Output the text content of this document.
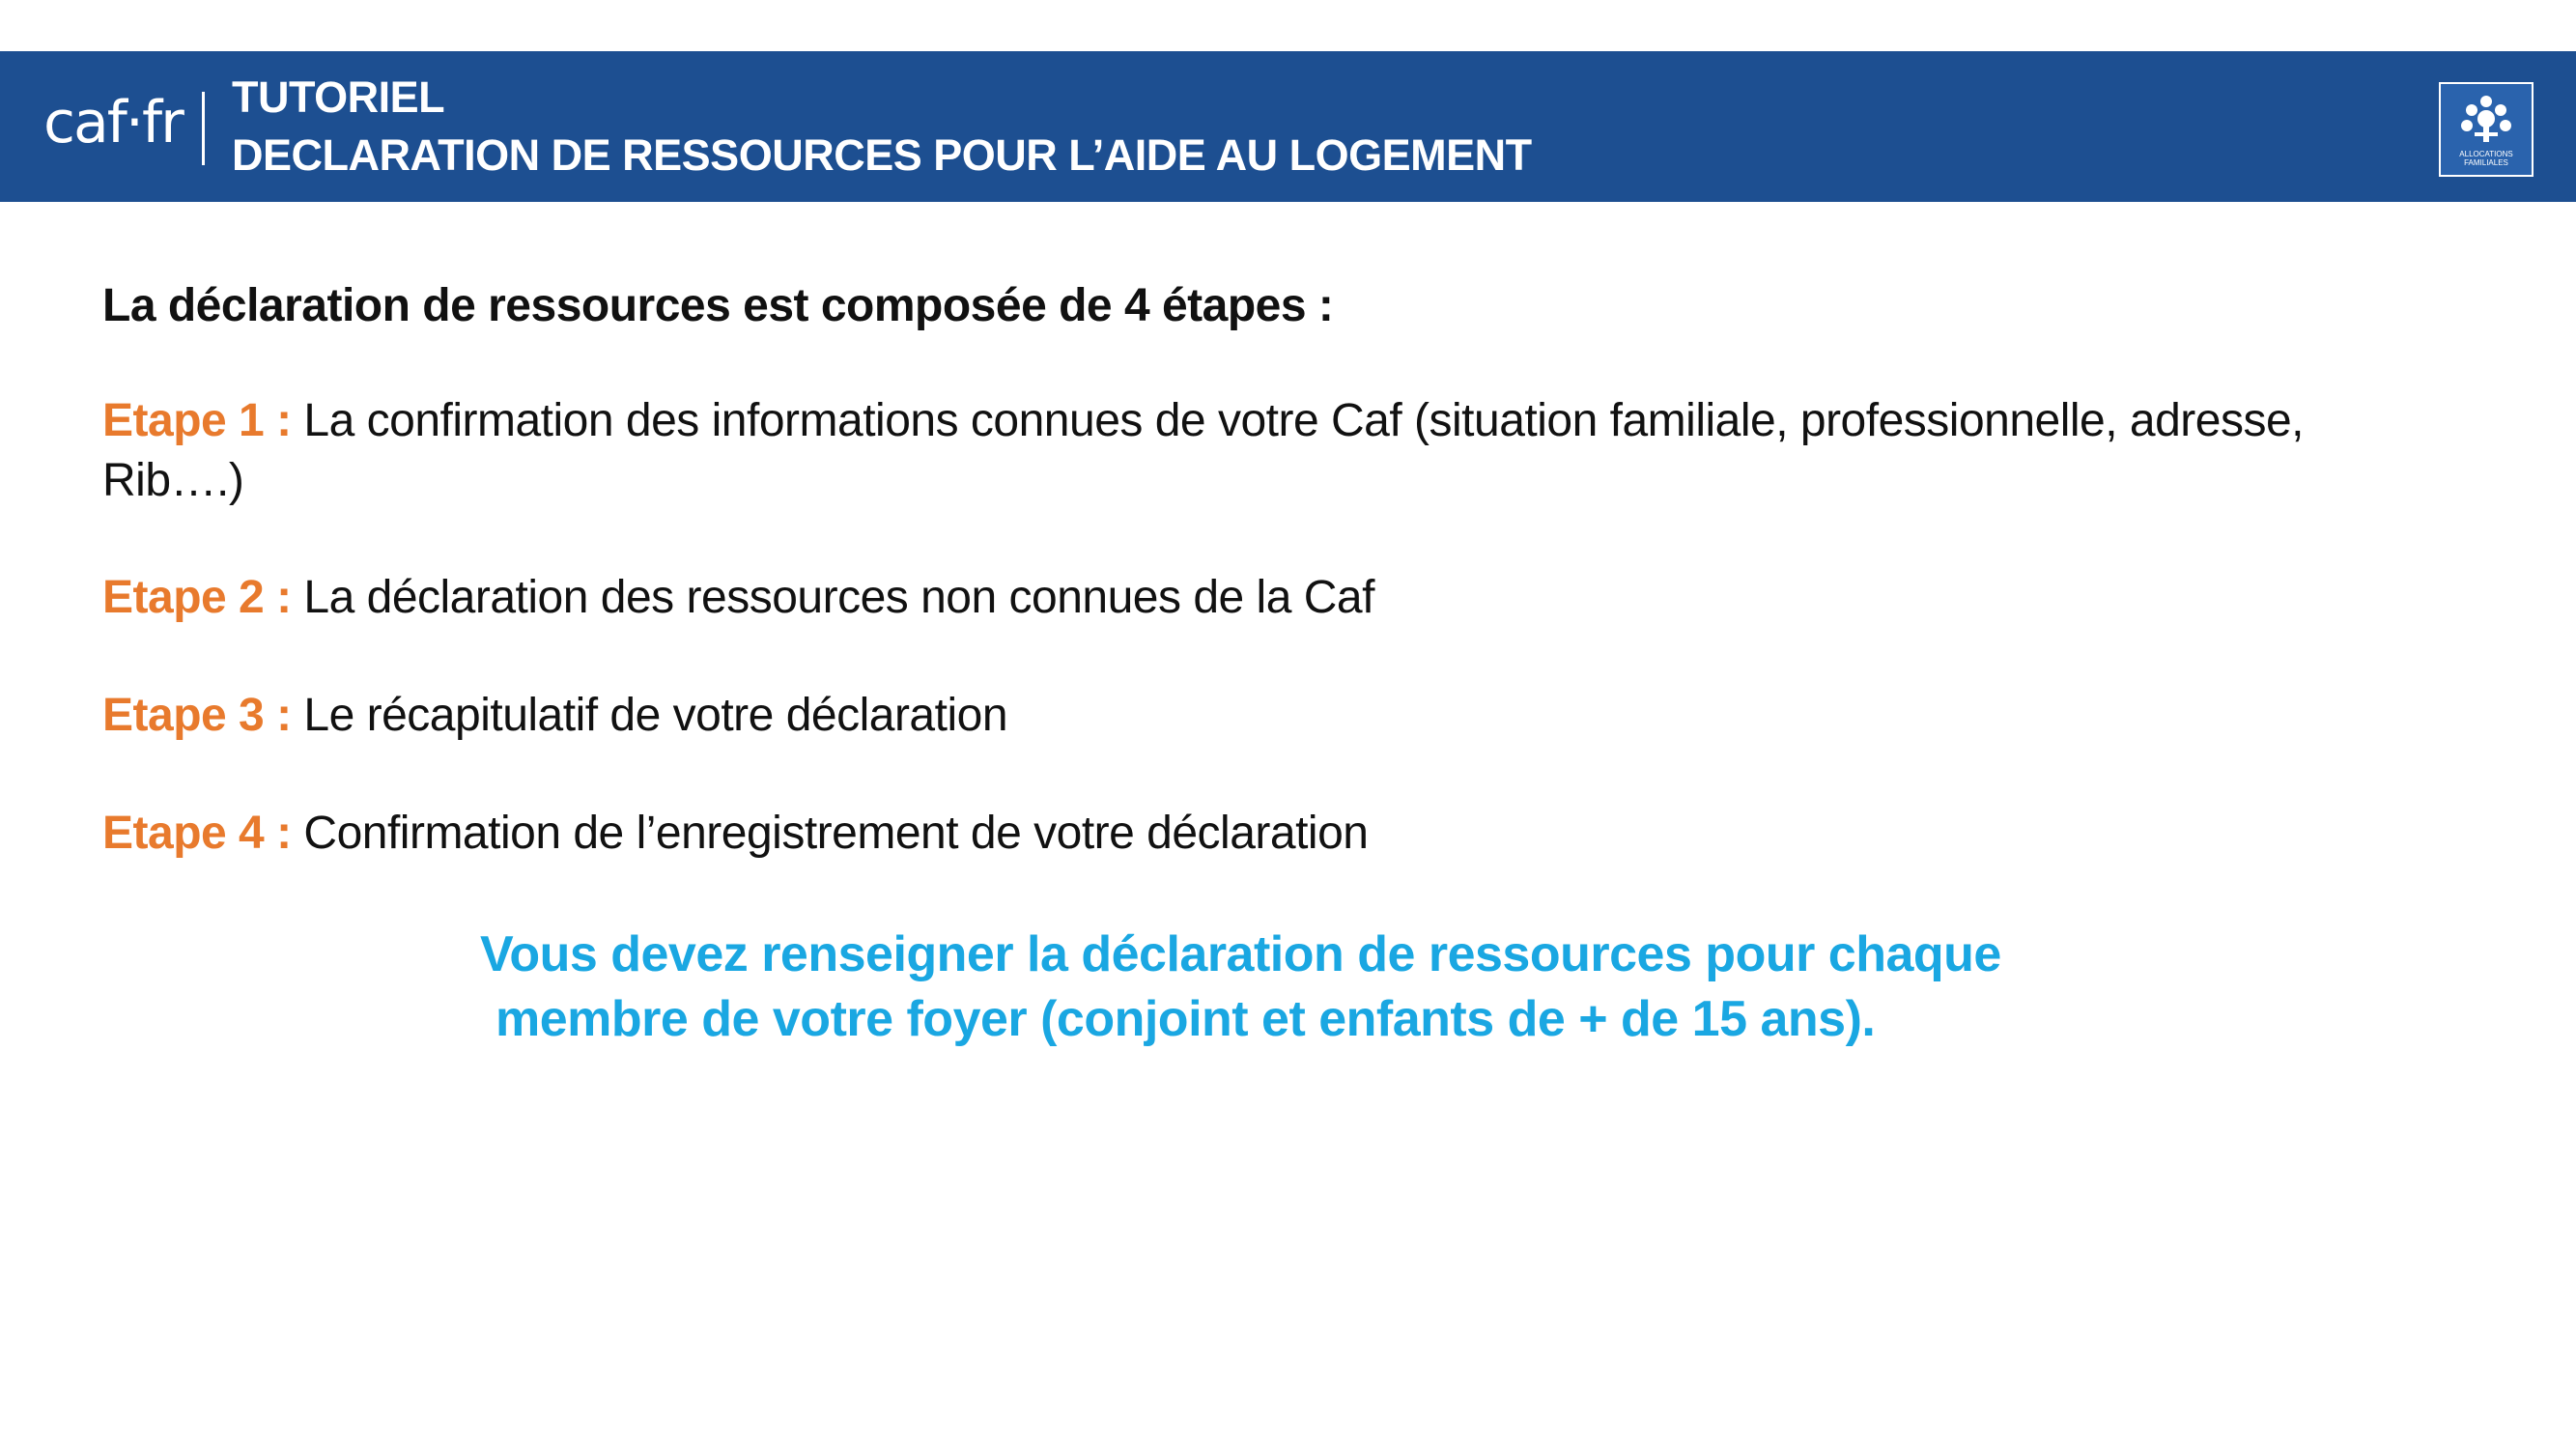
caf·fr TUTORIEL
DECLARATION DE RESSOURCES POUR L’AIDE AU LOGEMENT	ALLOCATIONS
FAMILIALES
La déclaration de ressources est composée de 4 étapes :
Etape 1 : La confirmation des informations connues de votre Caf (situation familiale, professionnelle, adresse,
Rib….)
Etape 2 : La déclaration des ressources non connues de la Caf
Etape 3 : Le récapitulatif de votre déclaration
Etape 4 : Confirmation de l’enregistrement de votre déclaration
Vous devez renseigner la déclaration de ressources pour chaque
membre de votre foyer (conjoint et enfants de + de 15 ans).
